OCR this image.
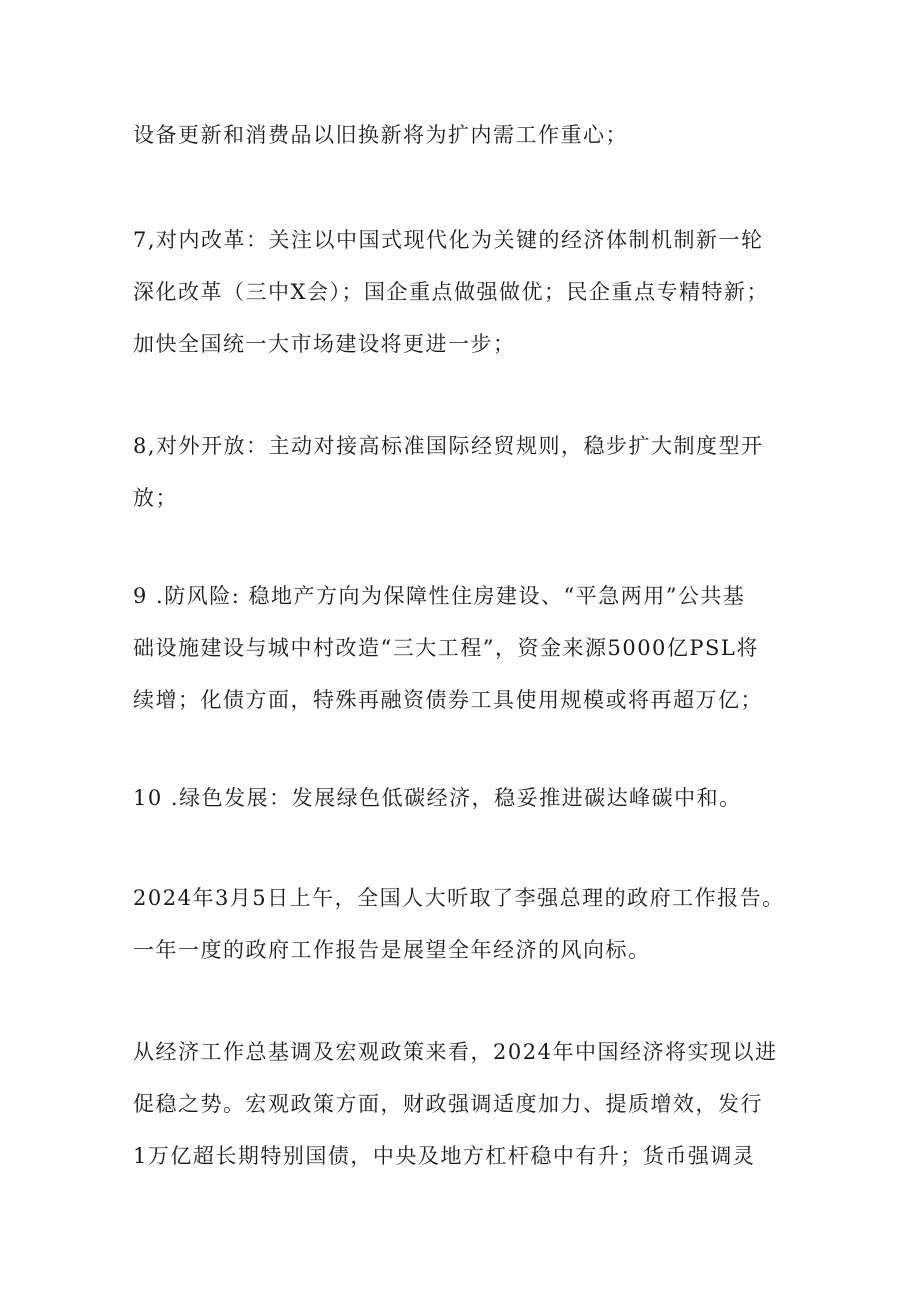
设备更新和消费品以旧换新将为扩内需工作重心；
7,对内改革：关注以中国式现代化为关键的经济体制机制新一轮
深化改革（三中X会）；国企重点做强做优；民企重点专精特新；
加快全国统一大市场建设将更进一步；
8,对外开放：主动对接高标准国际经贸规则，稳步扩大制度型开
放；
9 .防风险: 稳地产方向为保障性住房建设、“平急两用”公共基
础设施建设与城中村改造“三大工程”，资金来源5000亿PSL将
续增；化债方面，特殊再融资债券工具使用规模或将再超万亿；
10 .绿色发展：发展绿色低碳经济，稳妥推进碳达峰碳中和。
2024年3月5日上午，全国人大听取了李强总理的政府工作报告。
一年一度的政府工作报告是展望全年经济的风向标。
从经济工作总基调及宏观政策来看，2024年中国经济将实现以进
促稳之势。宏观政策方面，财政强调适度加力、提质增效，发行
1万亿超长期特别国债，中央及地方杠杆稳中有升；货币强调灵
